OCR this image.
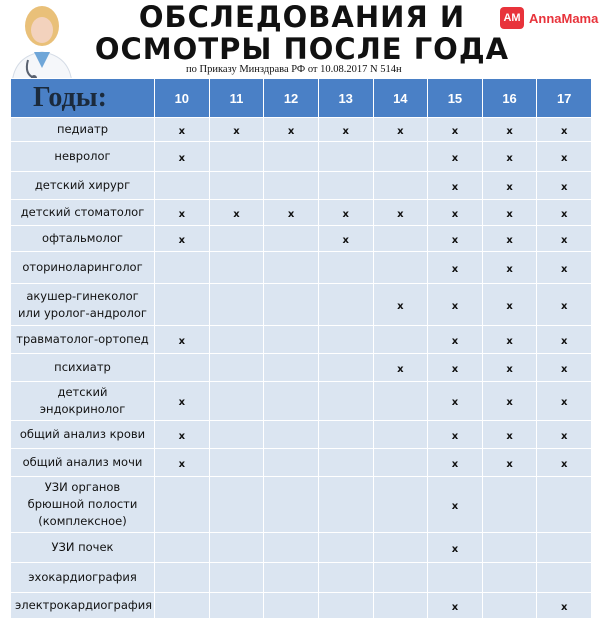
ОБСЛЕДОВАНИЯ И
ОСМОТРЫ ПОСЛЕ ГОДА
AM AnnaMama
по Приказу Минздрава РФ от 10.08.2017 N 514н
Годы:	10	11	12	13	14	15	16	17
педиатр	x	x	x	x	x	x	x	x
невролог	x					x	x	x
детский хирург						x	x	x
детский стоматолог	x	x	x	x	x	x	x	x
офтальмолог	x			x		x	x	x
оториноларинголог						x	x	x
акушер-гинеколог или уролог-андролог					x	x	x	x
травматолог-ортопед	x					x	x	x
психиатр					x	x	x	x
детский эндокринолог	x					x	x	x
общий анализ крови	x					x	x	x
общий анализ мочи	x					x	x	x
УЗИ органов брюшной полости (комплексное)						x		
УЗИ почек						x		
эхокардиография								
электрокардиография						x		x
